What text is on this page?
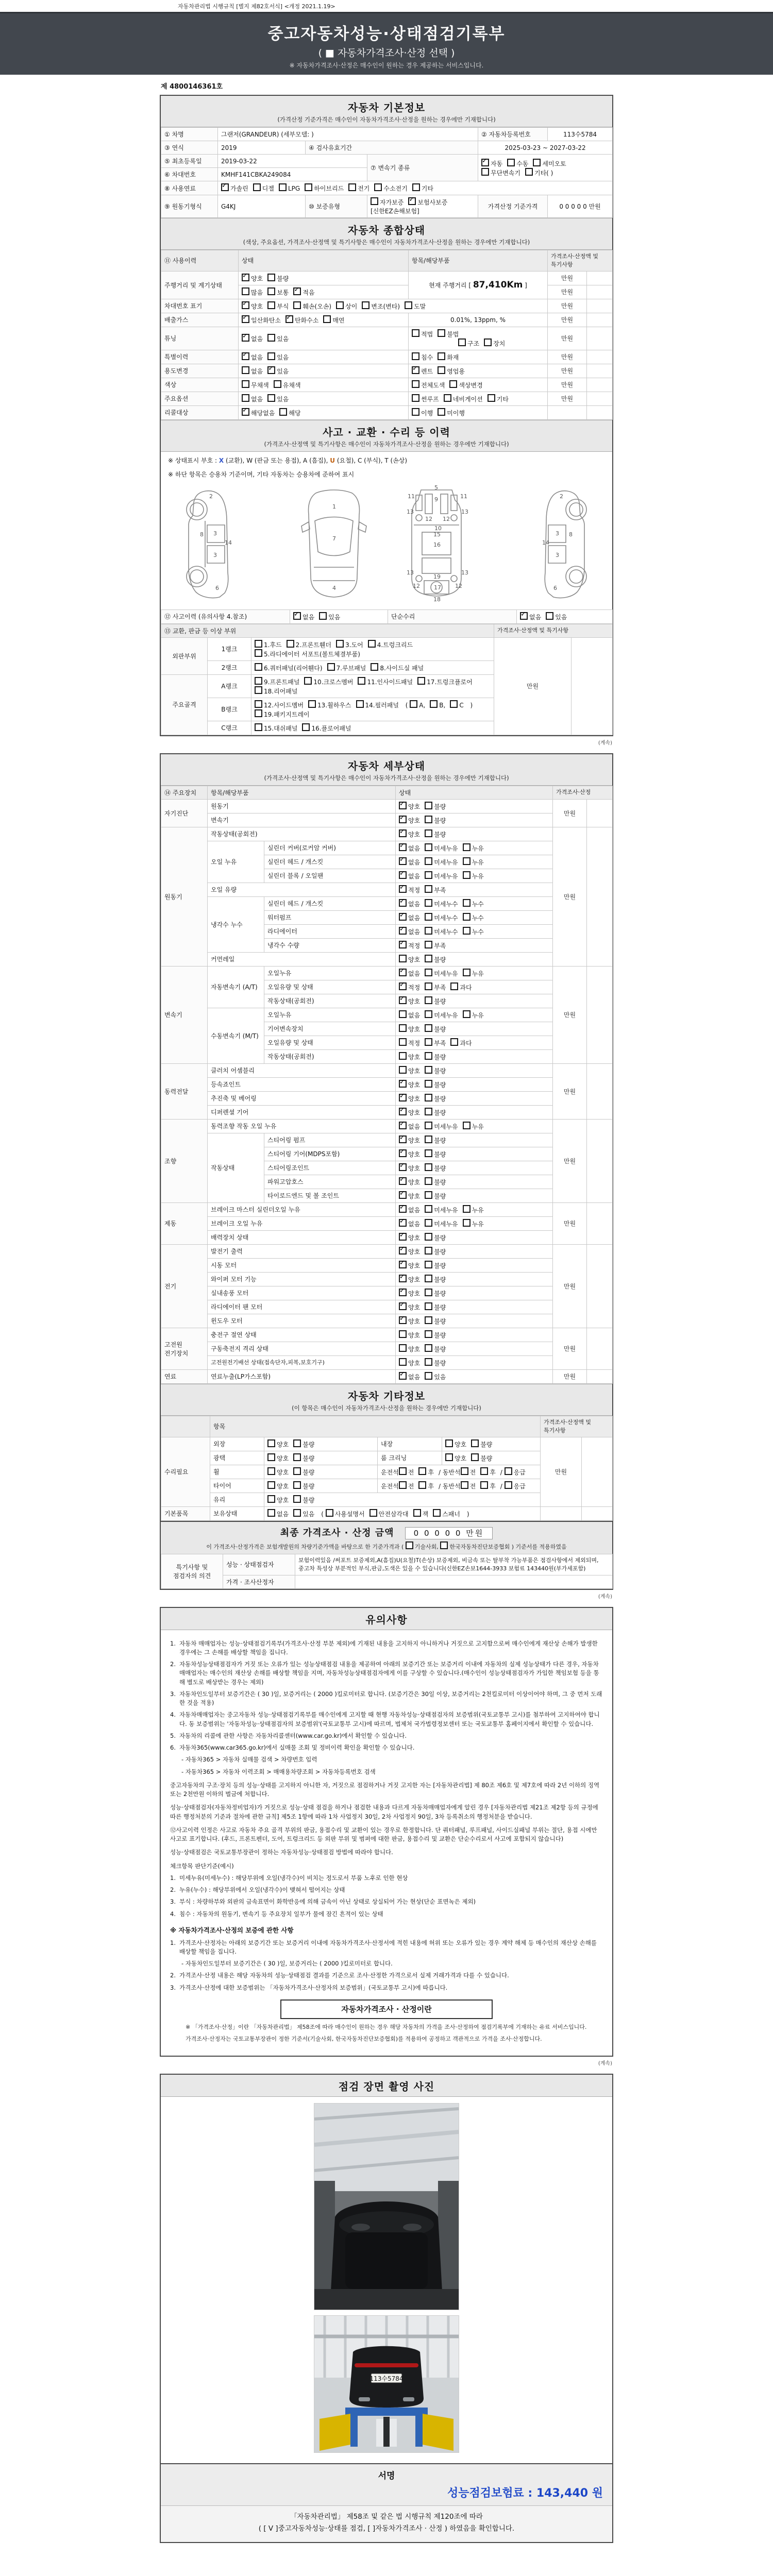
자동차관리법 시행규칙 [별지 제82호서식] <개정 2021.1.19>
중고자동차성능·상태점검기록부
( ■ 자동차가격조사·산정 선택 )
※ 자동차가격조사·산정은 매수인이 원하는 경우 제공하는 서비스입니다.
제 4800146361호
자동차 기본정보
(가격산정 기준가격은 매수인이 자동차가격조사·산정을 원하는 경우에만 기재합니다)
① 차명	그랜저(GRANDEUR) (세부모델: )			② 자동차등록번호	113수5784
③ 연식	2019	④ 검사유효기간		2025-03-23 ~ 2027-03-22	
⑤ 최초등록일	2019-03-22		⑦ 변속기 종류	✓자동 수동 세미오토
무단변속기 기타( )
⑥ 차대번호	KMHF141CBKA249084				
⑧ 사용연료	✓가솔린 디젤 LPG 하이브리드 전기 수소전기 기타
⑨ 원동기형식	G4KJ	⑩ 보증유형	자가보증 ✓ 보험사보증 [신한EZ손해보험]	가격산정 기준가격	0 0 0 0 0 만원
자동차 종합상태
(색상, 주요옵션, 가격조사·산정액 및 특기사항은 매수인이 자동차가격조사·산정을 원하는 경우에만 기재합니다)
⑪ 사용이력	상태	항목/해당부품	가격조사·산정액 및 특기사항	
주행거리 및 계기상태	✓양호 불량	현재 주행거리 [ 87,410Km ]	만원	
	많음 보통 ✓ 적음		만원	
차대번호 표기	✓양호 부식 훼손(오손) 상이 변조(변타) 도말		만원	
배출가스	✓일산화탄소 ✓ 탄화수소 매연	0.01%, 13ppm, %	만원	
튜닝	✓없음 있음	적법 불법구조 장치	만원	
특별이력	✓없음 있음	침수 화재	만원	
용도변경	없음 ✓ 있음	✓렌트 영업용	만원	
색상	무채색 유채색	전체도색 색상변경	만원	
주요옵션	없음 있음	썬루프 네비게이션 기타	만원	
리콜대상	✓해당없음 해당	이행 미이행		
사고 · 교환 · 수리 등 이력
(가격조사·산정액 및 특기사항은 매수인이 자동차가격조사·산정을 원하는 경우에만 기재합니다)
※ 상태표시 부호 : X (교환), W (판금 또는 용접), A (흠집), U (요철), C (부식), T (손상)
※ 하단 항목은 승용차 기준이며, 기타 자동차는 승용차에 준하여 표시
2
8 3
14
3
6
1
7
4
5
9
11	11
13	13
12 12
10
15
16
13	13
19
12	12
17
18
2
8
3
14
3
6
⑫ 사고이력 (유의사항 4.참조)	✓없음 있음	단순수리	✓없음 있음
⑬ 교환, 판금 등 이상 부위			가격조사·산정액 및 특기사항	
외판부위	1랭크	1.후드 2.프론트휀더 3.도어 4.트렁크리드5.라디에이터 서포트(볼트체결부품)	만원	
	2랭크	6.쿼터패널(리어휀다) 7.루브패널 8.사이드실 패널		
주요골격	A랭크	9.프론트패널 10.크로스멤버 11.인사이드패널 17.트렁크플로어18.리어패널		
	B랭크	12.사이드멤버 13.휠하우스 14.필러패널 ( A, B, C ) 19.패키지트레이		
	C랭크	15.대쉬패널 16.플로어패널		
(계속)
자동차 세부상태
(가격조사·산정액 및 특기사항은 매수인이 자동차가격조사·산정을 원하는 경우에만 기재합니다)
⑭ 주요장치	항목/해당부품		상태	가격조사·산정	
자기진단	원동기	✓양호 불량	만원	
	변속기	✓양호 불량
원동기	작동상태(공회전)	✓양호 불량	만원	
	오일 누유	실린더 커버(로커암 커버)	✓없음 미세누유 누유
		실린더 헤드 / 개스킷	✓없음 미세누유 누유
		실린더 블록 / 오일팬	✓없음 미세누유 누유
	오일 유량	✓적정 부족
	냉각수 누수	실린더 헤드 / 개스킷	✓없음 미세누수 누수
		워터펌프	✓없음 미세누수 누수
		라디에이터	✓없음 미세누수 누수
		냉각수 수량	✓적정 부족
	커먼레일		양호 불량		
변속기	자동변속기 (A/T)	오일누유	✓없음 미세누유 누유	만원	
		오일유량 및 상태	✓적정 부족 과다
		작동상태(공회전)	✓양호 불량
	수동변속기 (M/T)	오일누유	없음 미세누유 누유		
		기어변속장치	양호 불량		
		오일유량 및 상태	적정 부족 과다		
		작동상태(공회전)	양호 불량		
동력전달	클러치 어셈블리		양호 불량	만원	
	등속죠인트	✓양호 불량
	추진축 및 베어링	✓양호 불량
	디퍼렌셜 기어	✓양호 불량
조향	동력조향 작동 오일 누유	✓없음 미세누유 누유	만원	
	작동상태	스티어링 펌프	✓양호 불량
		스티어링 기어(MDPS포함)	✓양호 불량
		스티어링조인트	✓양호 불량
		파워고압호스	✓양호 불량
		타이로드엔드 및 볼 조인트	✓양호 불량
제동	브레이크 마스터 실린더오일 누유	✓없음 미세누유 누유	만원	
	브레이크 오일 누유	✓없음 미세누유 누유
	배력장치 상태	✓양호 불량
전기	발전기 출력	✓양호 불량	만원	
	시동 모터	✓양호 불량
	와이퍼 모터 기능	✓양호 불량
	실내송풍 모터	✓양호 불량
	라디에이터 팬 모터	✓양호 불량
	윈도우 모터	✓양호 불량
고전원 전기장치	충전구 절연 상태		양호 불량	만원	
	구동축전지 격리 상태		양호 불량		
	고전원전기배선 상태(접속단자,피복,보호기구)		양호 불량		
연료	연료누출(LP가스포함)	✓없음 있음	만원	
자동차 기타정보
(이 항목은 매수인이 자동차가격조사·산정을 원하는 경우에만 기재합니다)
	항목				가격조사·산정액 및 특기사항	
수리필요	외장	양호 불량	내장	양호 불량	만원	
	광택	양호 불량	룸 크리닝	양호 불량		
	휠	양호 불량	운전석 전 후 / 동반석 전 후 / 응급			
	타이어	양호 불량	운전석 전 후 / 동반석 전 후 / 응급			
	유리	양호 불량				
기본품목	보유상태	없음 있음 ( 사용설명서 안전삼각대 잭 스패너 )				
최종 가격조사 · 산정 금액	0 0 0 0 0 만원
이 가격조사·산정가격은 보험개발원의 차량기준가액을 바탕으로 한 기준가격과 ( 기술사회, 한국자동차진단보증협회 ) 기준서를 적용하였음
특기사항 및 점검자의 의견	성능 · 상태점검자	보험이력있음 /써포트 보증제외,A(흠집)U(요철)T(손상) 보증제외, 비금속 또는 탈부착 가능부품은 점검사항에서 제외되며, 중고차 특성상 부분적인 부식,판금,도색은 있을 수 있습니다(신한EZ손보1644-3933 보험료 143440원(부가세포함)
	가격 · 조사산정자	
(계속)
유의사항
1. 자동차 매매업자는 성능·상태점검기록부(가격조사·산정 부분 제외)에 기재된 내용을 고지하지 아니하거나 거짓으로 고지함으로써 매수인에게 재산상 손해가 발생한 경우에는 그 손해를 배상할 책임을 집니다.
2. 자동차성능상태점검자가 거짓 또는 오류가 있는 성능상태점검 내용을 제공하여 아래의 보증기간 또는 보증거리 이내에 자동차의 실제 성능상태가 다른 경우, 자동차매매업자는 매수인의 재산상 손해를 배상할 책임을 지며, 자동차성능상태점검자에게 이를 구상할 수 있습니다.(매수인이 성능상태점검자가 가입한 책임보험 등을 통해 별도로 배상받는 경우는 제외)
3. 자동차인도일부터 보증기간은 ( 30 )일, 보증거리는 ( 2000 )킬로미터로 합니다. (보증기간은 30일 이상, 보증거리는 2천킬로미터 이상이어야 하며, 그 중 먼저 도래한 것을 적용)
4. 자동차매매업자는 중고자동차 성능·상태점검기록부를 매수인에게 고지할 때 현행 자동차성능·상태점검자의 보증범위(국토교통부 고시)를 첨부하여 고지하여야 합니다. 동 보증범위는 '자동차성능·상태점검자의 보증범위'(국토교통부 고시)에 따르며, 법제처 국가법령정보센터 또는 국토교통부 홈페이지에서 확인할 수 있습니다.
5. 자동차의 리콜에 관한 사항은 자동차리콜센터(www.car.go.kr)에서 확인할 수 있습니다.
6. 자동차365(www.car365.go.kr)에서 실매물 조회 및 정비이력 확인을 확인할 수 있습니다.
- 자동차365 > 자동차 실매물 검색 > 차량번호 입력
- 자동차365 > 자동차 이력조회 > 매매용차량조회 > 자동차등록번호 검색
중고자동차의 구조·장치 등의 성능·상태를 고지하지 아니한 자, 거짓으로 점검하거나 거짓 고지한 자는 [자동차관리법] 제 80조 제6호 및 제7호에 따라 2년 이하의 징역 또는 2천만원 이하의 벌금에 처합니다.
성능·상태점검자(자동차정비업자)가 거짓으로 성능·상태 점검을 하거나 점검한 내용과 다르게 자동차매매업자에게 알린 경우 [자동차관리법 제21조 제2항 등의 규정에 따른 행정처분의 기준과 절차에 관한 규칙] 제5조 1항에 따라 1차 사업정지 30일, 2차 사업정지 90일, 3차 등록취소의 행정처분을 받습니다.
⑫사고이력 인정은 사고로 자동차 주요 골격 부위의 판금, 용접수리 및 교환이 있는 경우로 한정합니다. 단 쿼터패널, 루프패널, 사이드실패널 부위는 절단, 용접 시에만 사고로 표기합니다. (후드, 프론트펜더, 도어, 트렁크리드 등 외판 부위 및 범퍼에 대한 판금, 용접수리 및 교환은 단순수리로서 사고에 포함되지 않습니다)
성능·상태점검은 국토교통부장관이 정하는 자동차성능·상태점검 방법에 따라야 합니다.
체크항목 판단기준(예시)
1. 미세누유(미세누수) : 해당부위에 오일(냉각수)이 비치는 정도로서 부품 노후로 인한 현상
2. 누유(누수) : 해당부위에서 오일(냉각수)이 맺혀서 떨어지는 상태
3. 부식 : 차량하부와 외판의 금속표면이 화학반응에 의해 금속이 아닌 상태로 상실되어 가는 현상(단순 표면녹은 제외)
4. 침수 : 자동차의 원동기, 변속기 등 주요장치 일부가 물에 잠긴 흔적이 있는 상태
※ 자동차가격조사·산정의 보증에 관한 사항
1. 가격조사·산정자는 아래의 보증기간 또는 보증거리 이내에 자동차가격조사·산정서에 적힌 내용에 허위 또는 오류가 있는 경우 계약 해제 등 매수인의 재산상 손해를 배상할 책임을 집니다.
- 자동차인도일부터 보증기간은 ( 30 )일, 보증거리는 ( 2000 )킬로미터로 합니다.
2. 가격조사·산정 내용은 해당 자동차의 성능·상태점검 결과를 기준으로 조사·산정한 가격으로서 실제 거래가격과 다를 수 있습니다.
3. 가격조사·산정에 대한 보증범위는 「자동차가격조사·산정자의 보증범위」(국토교통부 고시)에 따릅니다.
자동차가격조사 · 산정이란
※ 「가격조사·산정」이란 「자동차관리법」 제58조에 따라 매수인이 원하는 경우 해당 자동차의 가격을 조사·산정하여 점검기록부에 기재하는 유료 서비스입니다.
가격조사·산정자는 국토교통부장관이 정한 기준서(기술사회, 한국자동차진단보증협회)를 적용하여 공정하고 객관적으로 가격을 조사·산정합니다.
(계속)
점검 장면 촬영 사진
113수5784
서명
성능점검보험료 : 143,440 원
「자동차관리법」 제58조 및 같은 법 시행규칙 제120조에 따라
( [ V ]중고자동차성능·상태를 점검, [ ]자동차가격조사 · 산정 ) 하였음을 확인합니다.
